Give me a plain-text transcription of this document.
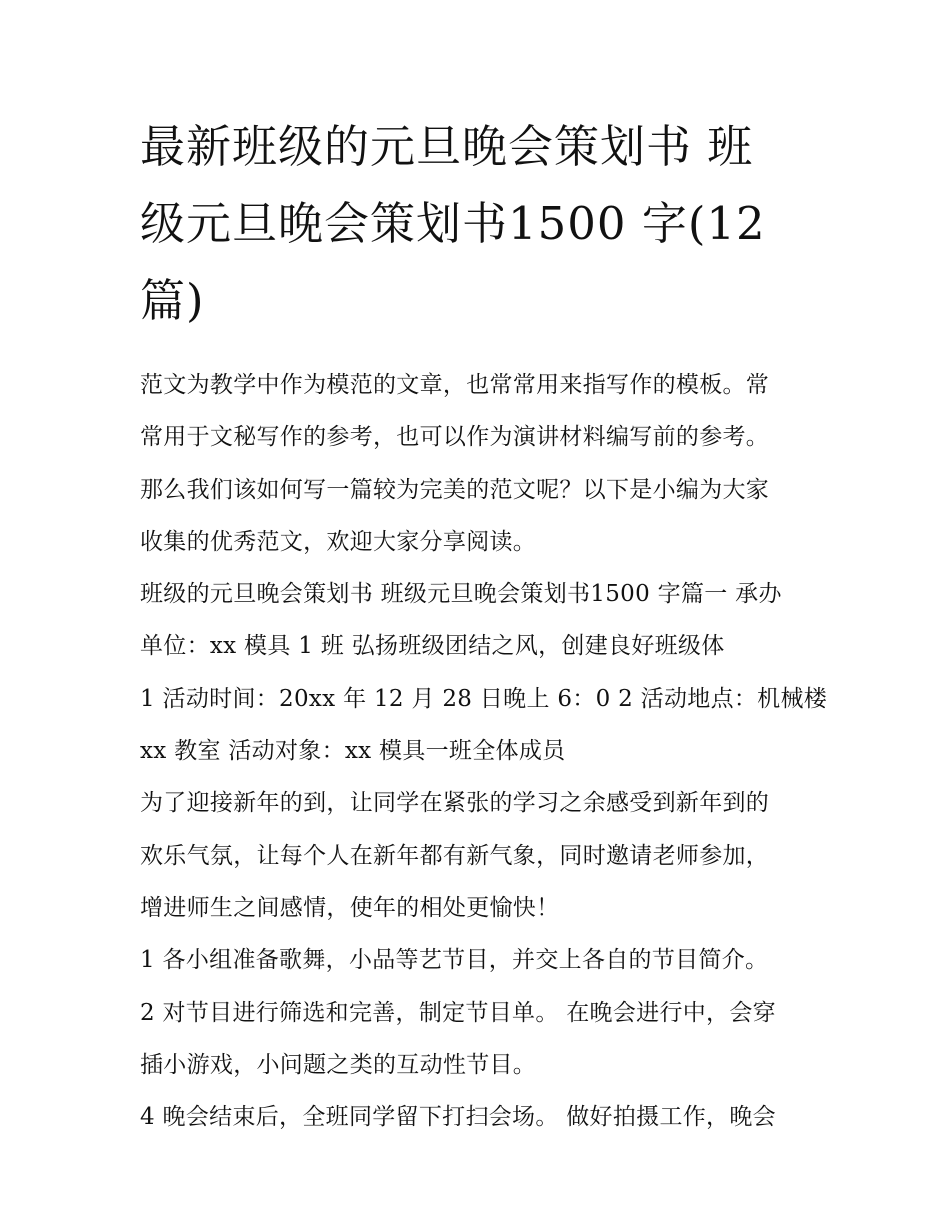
最新班级的元旦晚会策划书 班
级元旦晚会策划书1500 字(12
篇)
范文为教学中作为模范的文章，也常常用来指写作的模板。常
常用于文秘写作的参考，也可以作为演讲材料编写前的参考。
那么我们该如何写一篇较为完美的范文呢？以下是小编为大家
收集的优秀范文，欢迎大家分享阅读。
班级的元旦晚会策划书 班级元旦晚会策划书1500 字篇一 承办
单位：xx 模具 1 班 弘扬班级团结之风，创建良好班级体
1 活动时间：20xx 年 12 月 28 日晚上 6：0 2 活动地点：机械楼
xx 教室 活动对象：xx 模具一班全体成员
为了迎接新年的到，让同学在紧张的学习之余感受到新年到的
欢乐气氛，让每个人在新年都有新气象，同时邀请老师参加，
增进师生之间感情，使年的相处更愉快！
1 各小组准备歌舞，小品等艺节目，并交上各自的节目简介。
2 对节目进行筛选和完善，制定节目单。 在晚会进行中，会穿
插小游戏，小问题之类的互动性节目。
4 晚会结束后，全班同学留下打扫会场。 做好拍摄工作，晚会
